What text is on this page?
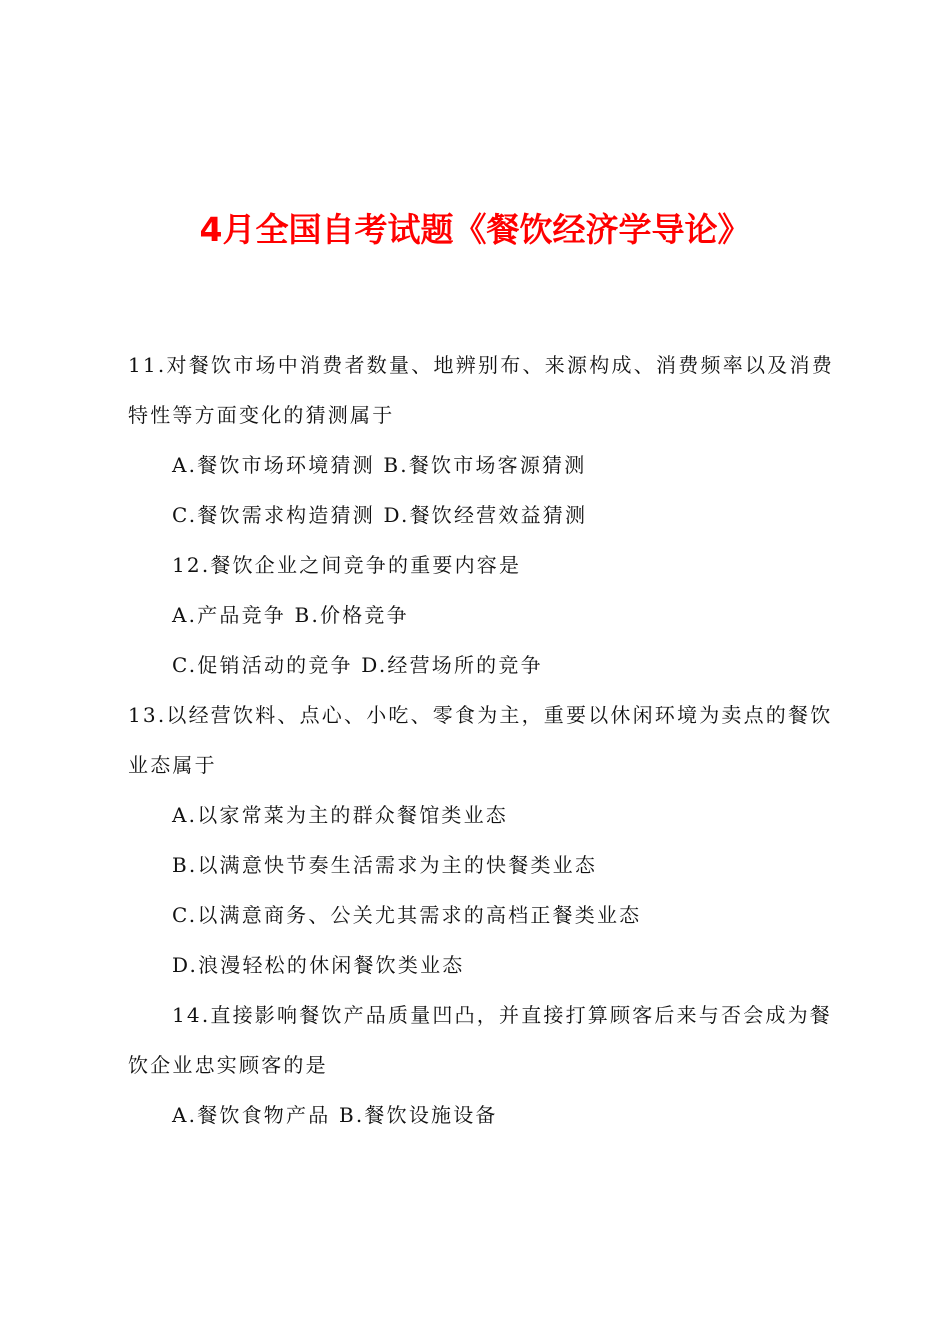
4月全国自考试题《餐饮经济学导论》

11.对餐饮市场中消费者数量、地辨别布、来源构成、消费频率以及消费特性等方面变化的猜测属于

A.餐饮市场环境猜测 B.餐饮市场客源猜测

C.餐饮需求构造猜测 D.餐饮经营效益猜测

12.餐饮企业之间竞争的重要内容是

A.产品竞争 B.价格竞争

C.促销活动的竞争 D.经营场所的竞争

13.以经营饮料、点心、小吃、零食为主，重要以休闲环境为卖点的餐饮业态属于

A.以家常菜为主的群众餐馆类业态

B.以满意快节奏生活需求为主的快餐类业态

C.以满意商务、公关尤其需求的高档正餐类业态

D.浪漫轻松的休闲餐饮类业态

14.直接影响餐饮产品质量凹凸，并直接打算顾客后来与否会成为餐饮企业忠实顾客的是

A.餐饮食物产品 B.餐饮设施设备
